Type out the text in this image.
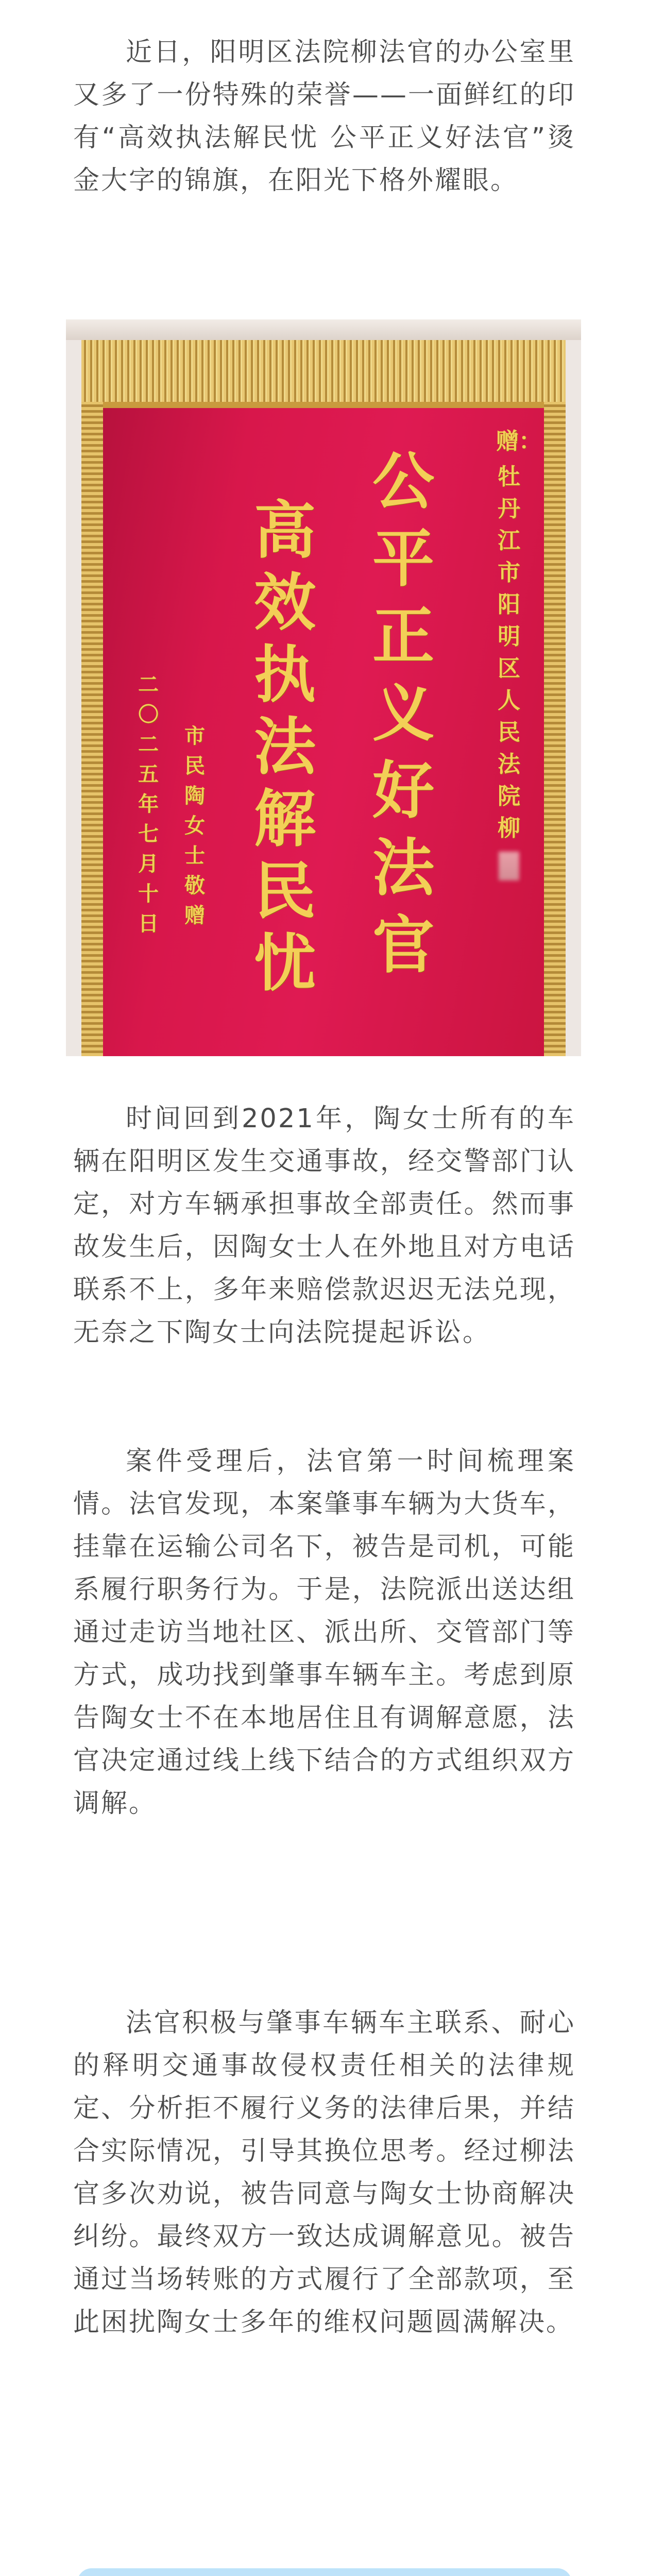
近日，阳明区法院柳法官的办公室里又多了一份特殊的荣誉——一面鲜红的印有“高效执法解民忧 公平正义好法官”烫金大字的锦旗，在阳光下格外耀眼。

赠：
牡
丹
江
市
阳
明
区
人
民
法
院
柳
公
平
正
义
好
法
官
高
效
执
法
解
民
忧
市
民
陶
女
士
敬
赠
二
〇
二
五
年
七
月
十
日

时间回到2021年，陶女士所有的车辆在阳明区发生交通事故，经交警部门认定，对方车辆承担事故全部责任。然而事故发生后，因陶女士人在外地且对方电话联系不上，多年来赔偿款迟迟无法兑现，无奈之下陶女士向法院提起诉讼。

案件受理后，法官第一时间梳理案情。法官发现，本案肇事车辆为大货车，挂靠在运输公司名下，被告是司机，可能系履行职务行为。于是，法院派出送达组通过走访当地社区、派出所、交管部门等方式，成功找到肇事车辆车主。考虑到原告陶女士不在本地居住且有调解意愿，法官决定通过线上线下结合的方式组织双方调解。

法官积极与肇事车辆车主联系、耐心的释明交通事故侵权责任相关的法律规定、分析拒不履行义务的法律后果，并结合实际情况，引导其换位思考。经过柳法官多次劝说，被告同意与陶女士协商解决纠纷。最终双方一致达成调解意见。被告通过当场转账的方式履行了全部款项，至此困扰陶女士多年的维权问题圆满解决。
